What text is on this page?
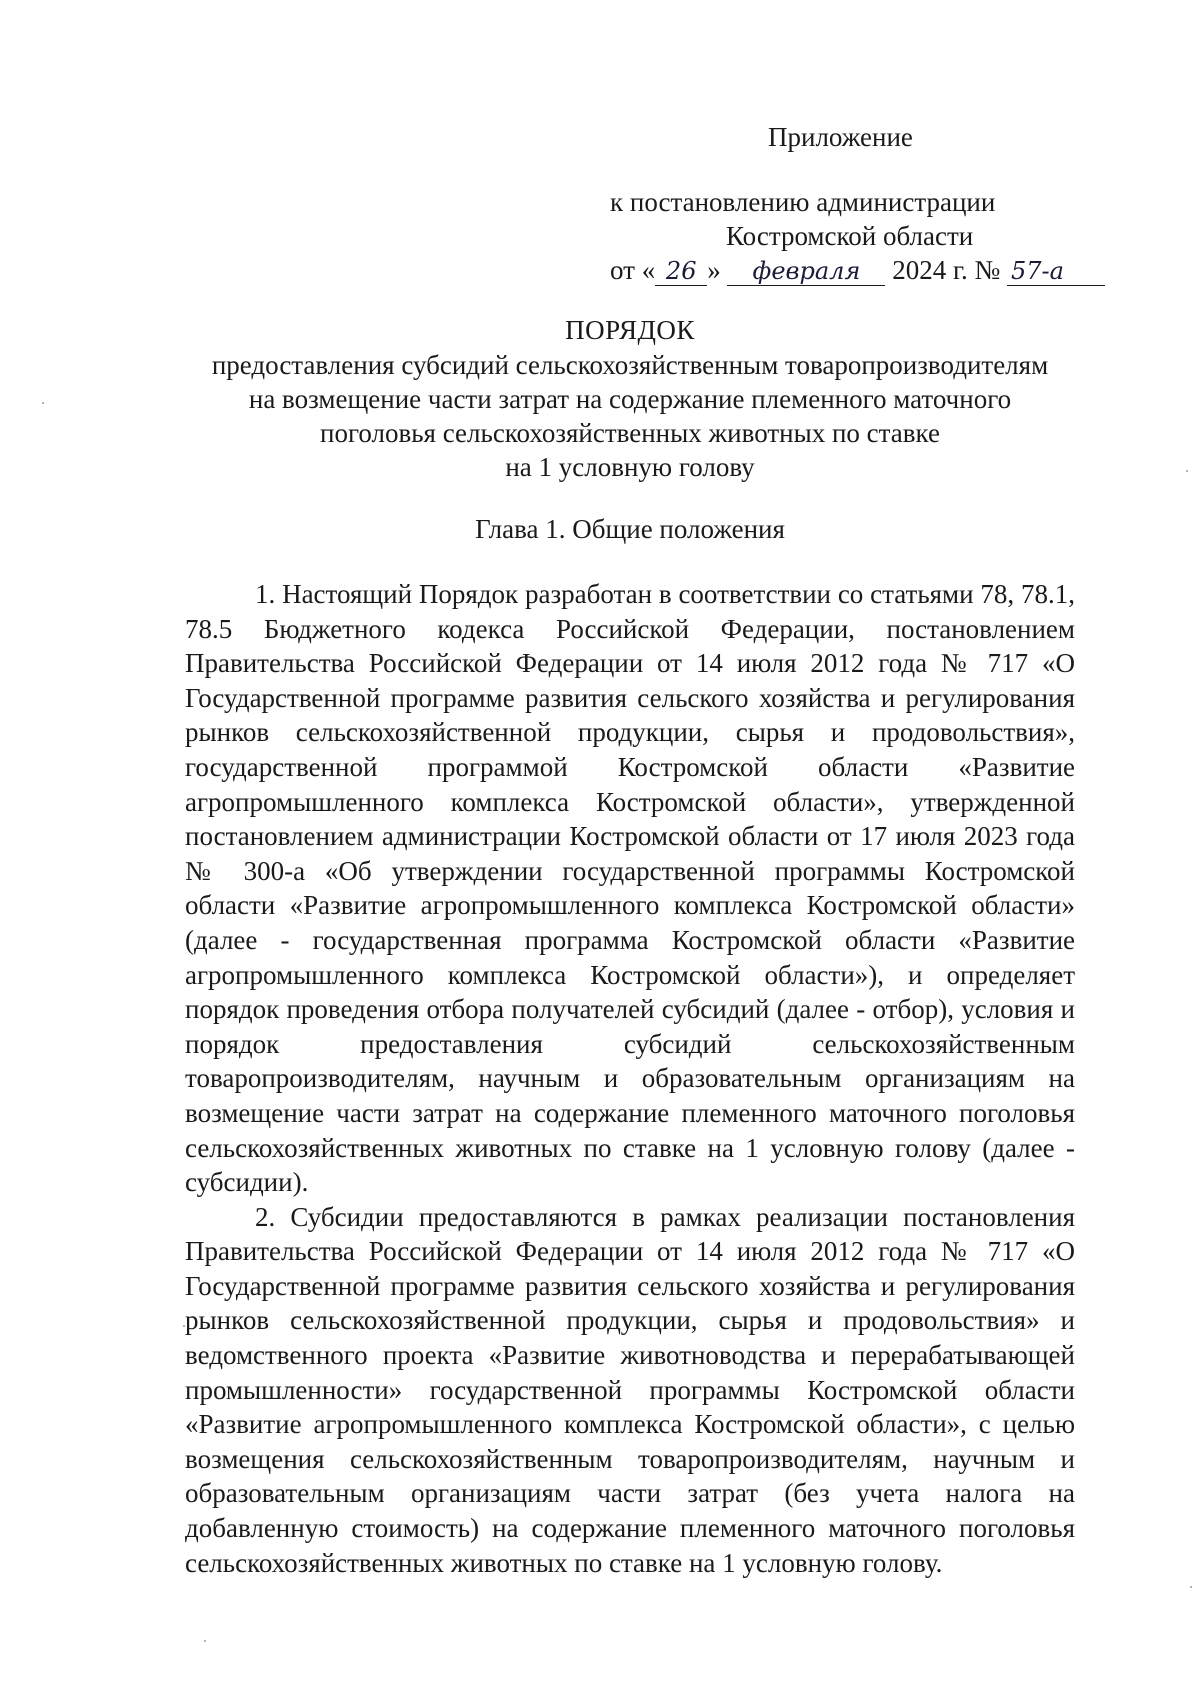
Приложение
к постановлению администрации
Костромской области
от « 26 » февраля 2024 г. № 57-а
ПОРЯДОК
предоставления субсидий сельскохозяйственным товаропроизводителям
на возмещение части затрат на содержание племенного маточного
поголовья сельскохозяйственных животных по ставке
на 1 условную голову
Глава 1. Общие положения

1. Настоящий Порядок разработан в соответствии со статьями 78, 78.1, 78.5 Бюджетного кодекса Российской Федерации, постановлением Правительства Российской Федерации от 14 июля 2012 года № 717 «О Государственной программе развития сельского хозяйства и регулирования рынков сельскохозяйственной продукции, сырья и продовольствия», государственной программой Костромской области «Развитие агропромышленного комплекса Костромской области», утвержденной постановлением администрации Костромской области от 17 июля 2023 года № 300-а «Об утверждении государственной программы Костромской области «Развитие агропромышленного комплекса Костромской области» (далее - государственная программа Костромской области «Развитие агропромышленного комплекса Костромской области»), и определяет порядок проведения отбора получателей субсидий (далее - отбор), условия и порядок предоставления субсидий сельскохозяйственным товаропроизводителям, научным и образовательным организациям на возмещение части затрат на содержание племенного маточного поголовья сельскохозяйственных животных по ставке на 1 условную голову (далее - субсидии).

2. Субсидии предоставляются в рамках реализации постановления Правительства Российской Федерации от 14 июля 2012 года № 717 «О Государственной программе развития сельского хозяйства и регулирования рынков сельскохозяйственной продукции, сырья и продовольствия» и ведомственного проекта «Развитие животноводства и перерабатывающей промышленности» государственной программы Костромской области «Развитие агропромышленного комплекса Костромской области», с целью возмещения сельскохозяйственным товаропроизводителям, научным и образовательным организациям части затрат (без учета налога на добавленную стоимость) на содержание племенного маточного поголовья сельскохозяйственных животных по ставке на 1 условную голову.
